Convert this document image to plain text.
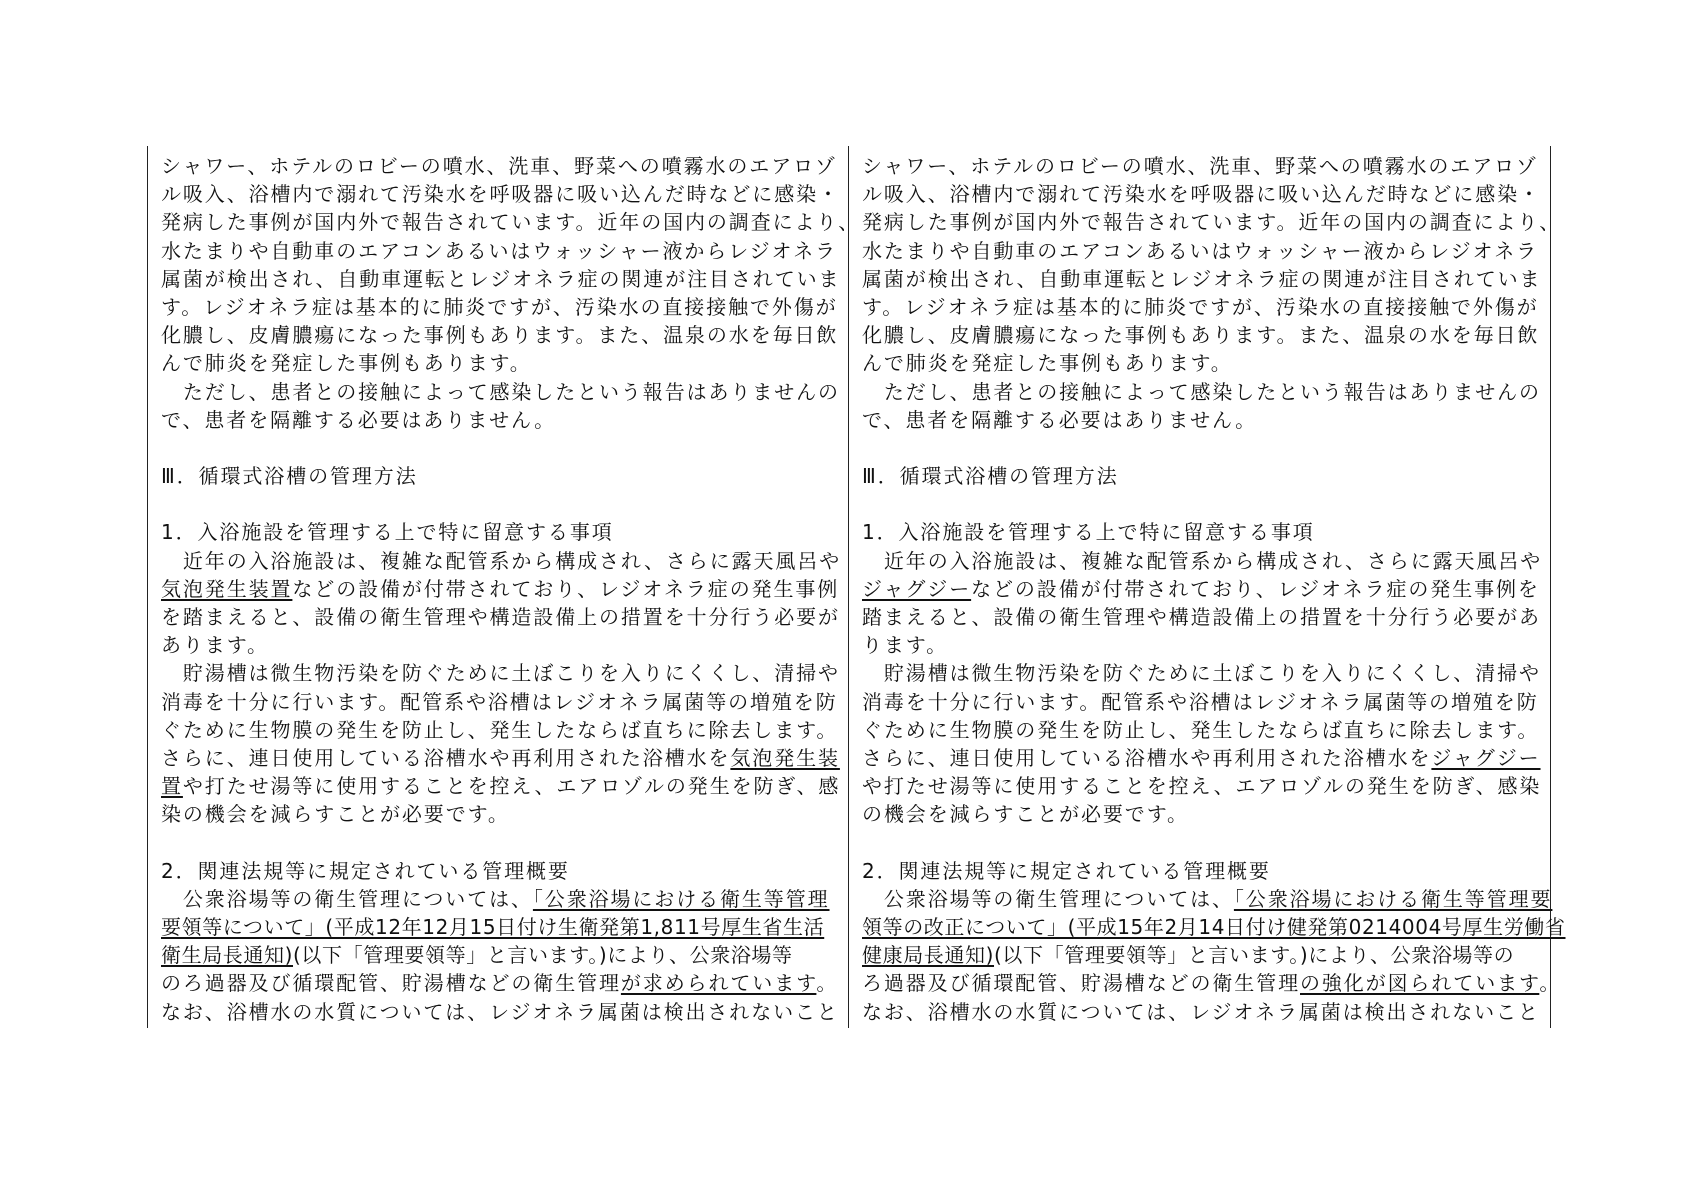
シャワー、ホテルのロビーの噴水、洗車、野菜への噴霧水のエアロゾ
ル吸入、浴槽内で溺れて汚染水を呼吸器に吸い込んだ時などに感染・
発病した事例が国内外で報告されています。近年の国内の調査により、
水たまりや自動車のエアコンあるいはウォッシャー液からレジオネラ
属菌が検出され、自動車運転とレジオネラ症の関連が注目されていま
す。レジオネラ症は基本的に肺炎ですが、汚染水の直接接触で外傷が
化膿し、皮膚膿瘍になった事例もあります。また、温泉の水を毎日飲
んで肺炎を発症した事例もあります。
　ただし、患者との接触によって感染したという報告はありませんの
で、患者を隔離する必要はありません。
Ⅲ．循環式浴槽の管理方法
1．入浴施設を管理する上で特に留意する事項
　近年の入浴施設は、複雑な配管系から構成され、さらに露天風呂や
気泡発生装置などの設備が付帯されており、レジオネラ症の発生事例
を踏まえると、設備の衛生管理や構造設備上の措置を十分行う必要が
あります。
　貯湯槽は微生物汚染を防ぐために土ぼこりを入りにくくし、清掃や
消毒を十分に行います。配管系や浴槽はレジオネラ属菌等の増殖を防
ぐために生物膜の発生を防止し、発生したならば直ちに除去します。
さらに、連日使用している浴槽水や再利用された浴槽水を気泡発生装
置や打たせ湯等に使用することを控え、エアロゾルの発生を防ぎ、感
染の機会を減らすことが必要です。
2．関連法規等に規定されている管理概要
　公衆浴場等の衛生管理については、「公衆浴場における衛生等管理
要領等について」(平成12年12月15日付け生衛発第1,811号厚生省生活
衛生局長通知)(以下「管理要領等」と言います。)により、公衆浴場等
のろ過器及び循環配管、貯湯槽などの衛生管理が求められています。
なお、浴槽水の水質については、レジオネラ属菌は検出されないこと
シャワー、ホテルのロビーの噴水、洗車、野菜への噴霧水のエアロゾ
ル吸入、浴槽内で溺れて汚染水を呼吸器に吸い込んだ時などに感染・
発病した事例が国内外で報告されています。近年の国内の調査により、
水たまりや自動車のエアコンあるいはウォッシャー液からレジオネラ
属菌が検出され、自動車運転とレジオネラ症の関連が注目されていま
す。レジオネラ症は基本的に肺炎ですが、汚染水の直接接触で外傷が
化膿し、皮膚膿瘍になった事例もあります。また、温泉の水を毎日飲
んで肺炎を発症した事例もあります。
　ただし、患者との接触によって感染したという報告はありませんの
で、患者を隔離する必要はありません。
Ⅲ．循環式浴槽の管理方法
1．入浴施設を管理する上で特に留意する事項
　近年の入浴施設は、複雑な配管系から構成され、さらに露天風呂や
ジャグジーなどの設備が付帯されており、レジオネラ症の発生事例を
踏まえると、設備の衛生管理や構造設備上の措置を十分行う必要があ
ります。
　貯湯槽は微生物汚染を防ぐために土ぼこりを入りにくくし、清掃や
消毒を十分に行います。配管系や浴槽はレジオネラ属菌等の増殖を防
ぐために生物膜の発生を防止し、発生したならば直ちに除去します。
さらに、連日使用している浴槽水や再利用された浴槽水をジャグジー
や打たせ湯等に使用することを控え、エアロゾルの発生を防ぎ、感染
の機会を減らすことが必要です。
2．関連法規等に規定されている管理概要
　公衆浴場等の衛生管理については、「公衆浴場における衛生等管理要
領等の改正について」(平成15年2月14日付け健発第0214004号厚生労働省
健康局長通知)(以下「管理要領等」と言います。)により、公衆浴場等の
ろ過器及び循環配管、貯湯槽などの衛生管理の強化が図られています。
なお、浴槽水の水質については、レジオネラ属菌は検出されないこと
